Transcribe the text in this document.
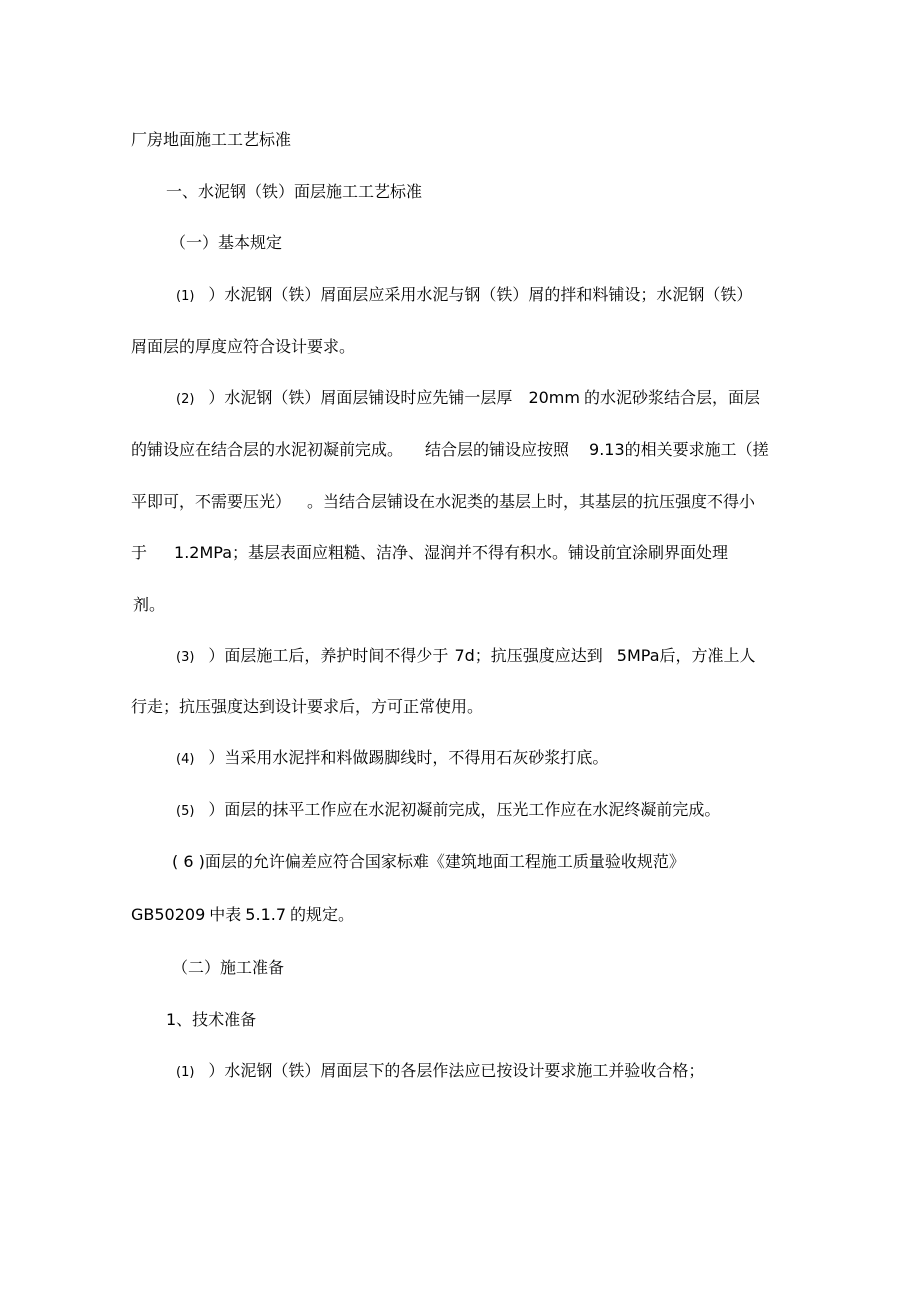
厂房地面施工工艺标准
一、水泥钢（铁）面层施工工艺标准
（一）基本规定
(1) ）水泥钢（铁）屑面层应采用水泥与钢（铁）屑的拌和料铺设；水泥钢（铁）
屑面层的厚度应符合设计要求。
(2) ）水泥钢（铁）屑面层铺设时应先铺一层厚 20mm 的水泥砂浆结合层，面层
的铺设应在结合层的水泥初凝前完成。 结合层的铺设应按照 9.13的相关要求施工（搓
平即可，不需要压光） 。当结合层铺设在水泥类的基层上时，其基层的抗压强度不得小
于 1.2MPa；基层表面应粗糙、洁净、湿润并不得有积水。铺设前宜涂刷界面处理
剂。
(3) ）面层施工后，养护时间不得少于 7d；抗压强度应达到 5MPa后，方准上人
行走；抗压强度达到设计要求后，方可正常使用。
(4) ）当采用水泥拌和料做踢脚线时，不得用石灰砂浆打底。
(5) ）面层的抹平工作应在水泥初凝前完成，压光工作应在水泥终凝前完成。
( 6 )面层的允许偏差应符合国家标难《建筑地面工程施工质量验收规范》
GB50209 中表 5.1.7 的规定。
（二）施工准备
1、技术准备
(1) ）水泥钢（铁）屑面层下的各层作法应已按设计要求施工并验收合格；
